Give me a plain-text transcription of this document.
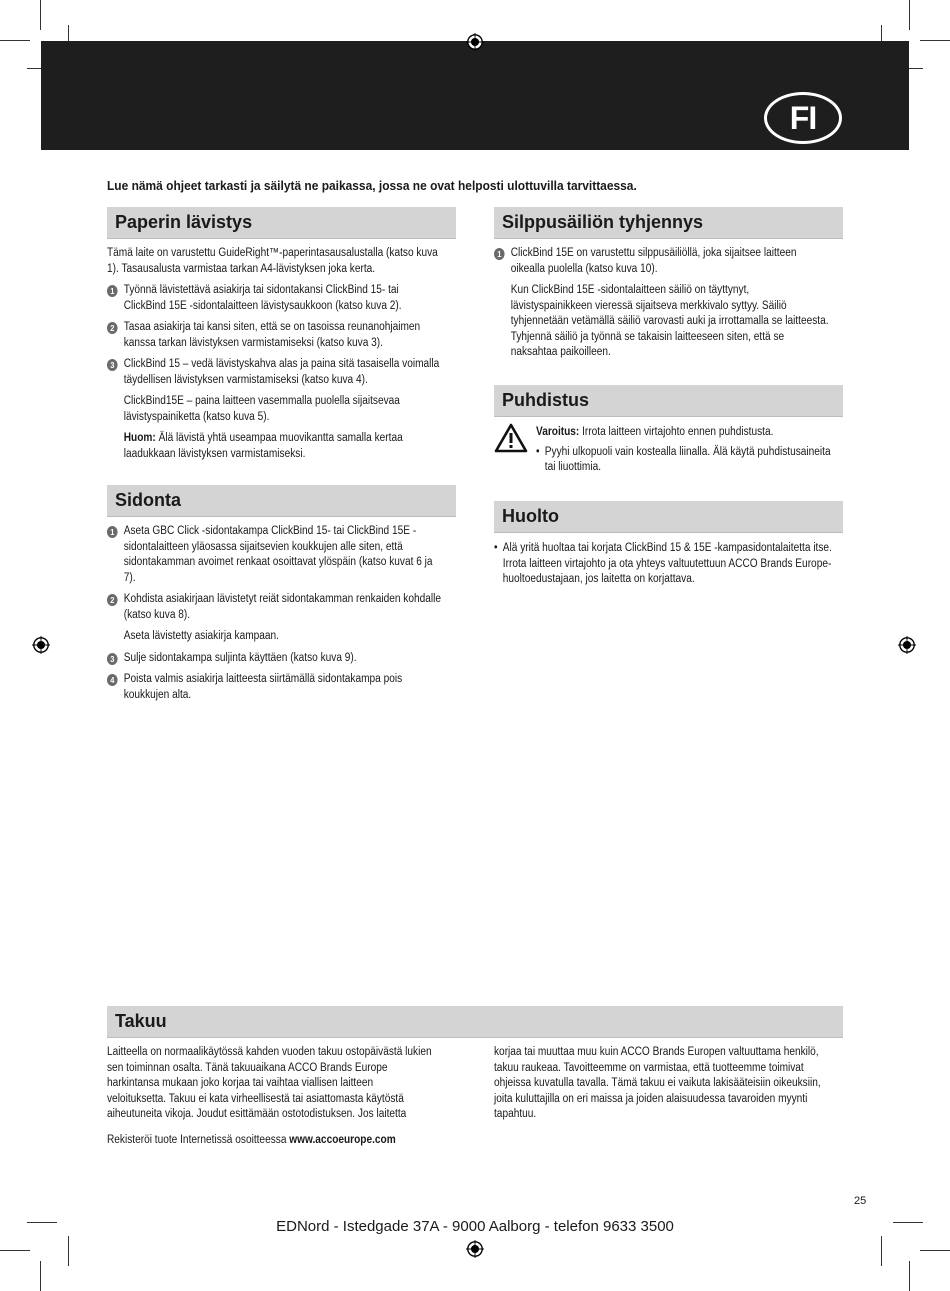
FI
Lue nämä ohjeet tarkasti ja säilytä ne paikassa, jossa ne ovat helposti ulottuvilla tarvittaessa.
Paperin lävistys

Tämä laite on varustettu GuideRight™-paperintasausalustalla (katso kuva 1). Tasausalusta varmistaa tarkan A4-lävistyksen joka kerta.

1 Työnnä lävistettävä asiakirja tai sidontakansi ClickBind 15- tai ClickBind 15E -sidontalaitteen lävistysaukkoon (katso kuva 2).
2 Tasaa asiakirja tai kansi siten, että se on tasoissa reunanohjaimen kanssa tarkan lävistyksen varmistamiseksi (katso kuva 3).
3 ClickBind 15 – vedä lävistyskahva alas ja paina sitä tasaisella voimalla täydellisen lävistyksen varmistamiseksi (katso kuva 4).
ClickBind15E – paina laitteen vasemmalla puolella sijaitsevaa lävistyspainiketta (katso kuva 5).
Huom: Älä lävistä yhtä useampaa muovikantta samalla kertaa laadukkaan lävistyksen varmistamiseksi.
Sidonta
1 Aseta GBC Click -sidontakampa ClickBind 15- tai ClickBind 15E -sidontalaitteen yläosassa sijaitsevien koukkujen alle siten, että sidontakamman avoimet renkaat osoittavat ylöspäin (katso kuvat 6 ja 7).
2 Kohdista asiakirjaan lävistetyt reiät sidontakamman renkaiden kohdalle (katso kuva 8).
Aseta lävistetty asiakirja kampaan.
3 Sulje sidontakampa suljinta käyttäen (katso kuva 9).
4 Poista valmis asiakirja laitteesta siirtämällä sidontakampa pois koukkujen alta.
Silppusäiliön tyhjennys
1 ClickBind 15E on varustettu silppusäiliöllä, joka sijaitsee laitteen oikealla puolella (katso kuva 10).
Kun ClickBind 15E -sidontalaitteen säiliö on täyttynyt, lävistyspainikkeen vieressä sijaitseva merkkivalo syttyy. Säiliö tyhjennetään vetämällä säiliö varovasti auki ja irrottamalla se laitteesta. Tyhjennä säiliö ja työnnä se takaisin laitteeseen siten, että se naksahtaa paikoilleen.
Puhdistus
Varoitus: Irrota laitteen virtajohto ennen puhdistusta.
• Pyyhi ulkopuoli vain kostealla liinalla. Älä käytä puhdistusaineita tai liuottimia.
Huolto
• Älä yritä huoltaa tai korjata ClickBind 15 & 15E -kampasidontalaitetta itse. Irrota laitteen virtajohto ja ota yhteys valtuutettuun ACCO Brands Europe-huoltoedustajaan, jos laitetta on korjattava.
Takuu

Laitteella on normaalikäytössä kahden vuoden takuu ostopäivästä lukien sen toiminnan osalta. Tänä takuuaikana ACCO Brands Europe harkintansa mukaan joko korjaa tai vaihtaa viallisen laitteen veloituksetta. Takuu ei kata virheellisestä tai asiattomasta käytöstä aiheutuneita vikoja. Joudut esittämään ostotodistuksen. Jos laitetta

Rekisteröi tuote Internetissä osoitteessa www.accoeurope.com

korjaa tai muuttaa muu kuin ACCO Brands Europen valtuuttama henkilö, takuu raukeaa. Tavoitteemme on varmistaa, että tuotteemme toimivat ohjeissa kuvatulla tavalla. Tämä takuu ei vaikuta lakisääteisiin oikeuksiin, joita kuluttajilla on eri maissa ja joiden alaisuudessa tavaroiden myynti tapahtuu.

25
EDNord - Istedgade 37A - 9000 Aalborg - telefon 9633 3500
